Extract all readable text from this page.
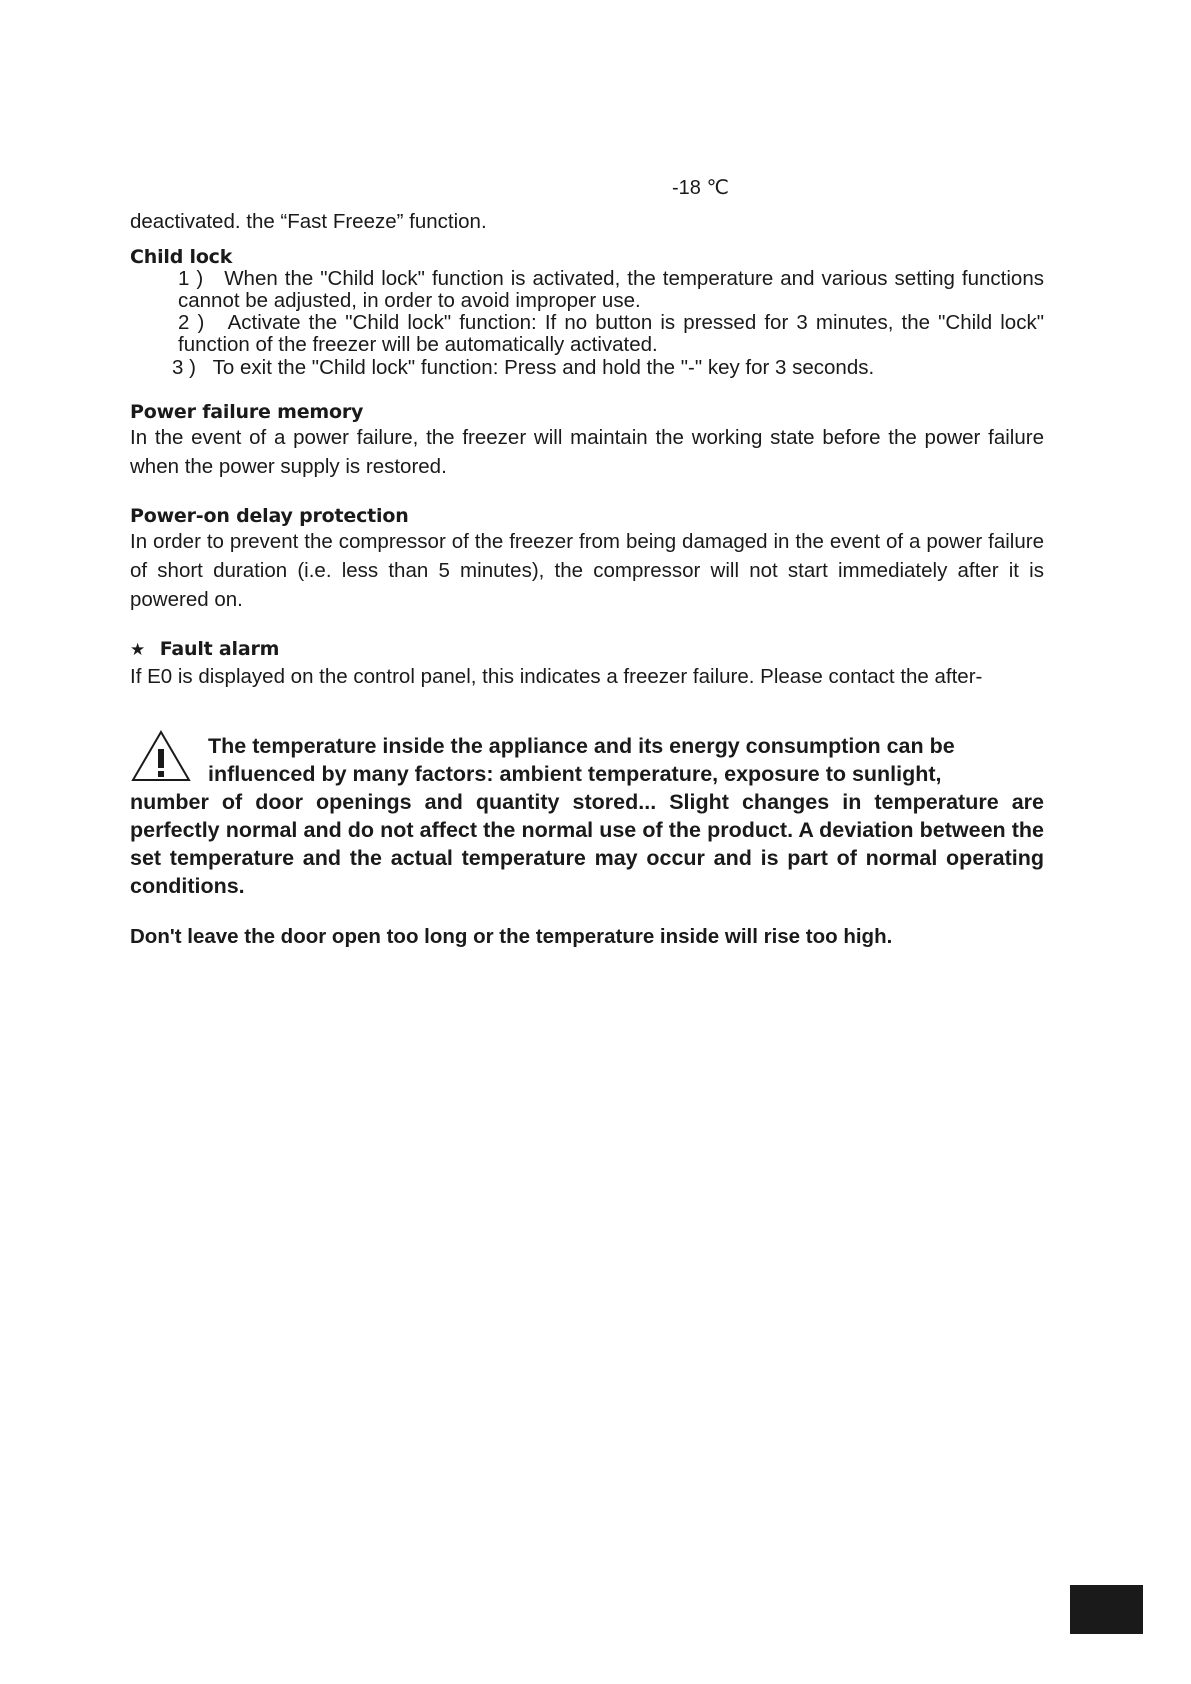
-18 ℃
deactivated. the “Fast Freeze” function.
Child lock
1 ) When the "Child lock" function is activated, the temperature and various setting functions cannot be adjusted, in order to avoid improper use.
2 ) Activate the "Child lock" function: If no button is pressed for 3 minutes, the "Child lock" function of the freezer will be automatically activated.
3 ) To exit the "Child lock" function: Press and hold the "-" key for 3 seconds.
Power failure memory
In the event of a power failure, the freezer will maintain the working state before the power failure when the power supply is restored.
Power-on delay protection
In order to prevent the compressor of the freezer from being damaged in the event of a power failure of short duration (i.e. less than 5 minutes), the compressor will not start immediately after it is powered on.
★ Fault alarm
If E0 is displayed on the control panel, this indicates a freezer failure. Please contact the after-
The temperature inside the appliance and its energy consumption can be
influenced by many factors: ambient temperature, exposure to sunlight,
number of door openings and quantity stored... Slight changes in temperature are perfectly normal and do not affect the normal use of the product. A deviation between the set temperature and the actual temperature may occur and is part of normal operating conditions.
Don't leave the door open too long or the temperature inside will rise too high.
